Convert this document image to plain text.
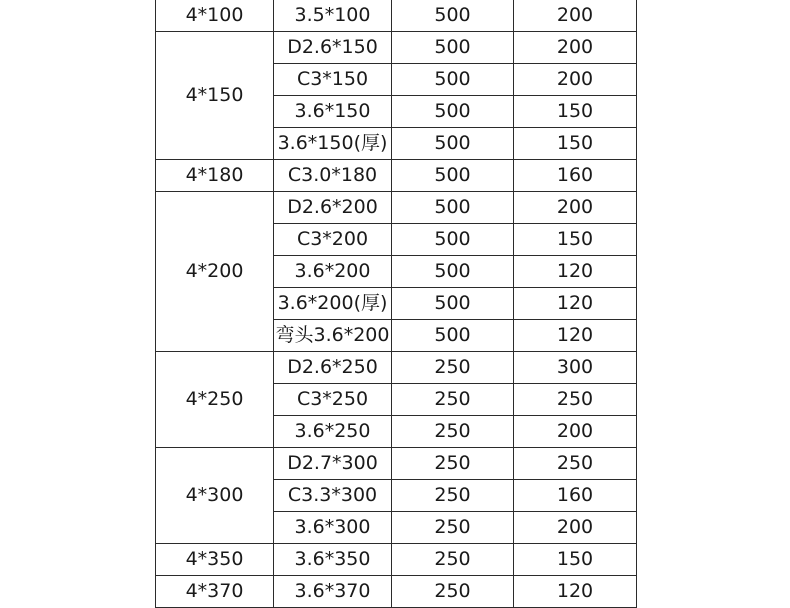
4*100	3.5*100	500	200
4*150	D2.6*150	500	200
	C3*150	500	200
	3.6*150	500	150
	3.6*150(厚)	500	150
4*180	C3.0*180	500	160
4*200	D2.6*200	500	200
	C3*200	500	150
	3.6*200	500	120
	3.6*200(厚)	500	120
	弯头3.6*200	500	120
4*250	D2.6*250	250	300
	C3*250	250	250
	3.6*250	250	200
4*300	D2.7*300	250	250
	C3.3*300	250	160
	3.6*300	250	200
4*350	3.6*350	250	150
4*370	3.6*370	250	120
